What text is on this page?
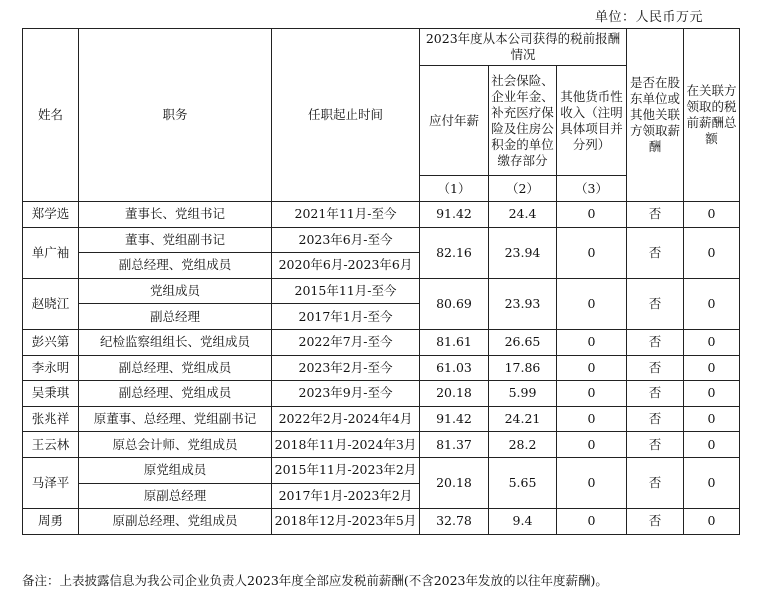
单位：人民币万元
姓名	职务	任职起止时间	2023年度从本公司获得的税前报酬情况			是否在股东单位或其他关联方领取薪酬	在关联方领取的税前薪酬总额
			应付年薪	社会保险、企业年金、补充医疗保险及住房公积金的单位缴存部分	其他货币性收入（注明具体项目并分列）		
			（1）	（2）	（3）		
郑学选	董事长、党组书记	2021年11月-至今	91.42	24.4	0	否	0
单广袖	董事、党组副书记	2023年6月-至今	82.16	23.94	0	否	0
	副总经理、党组成员	2020年6月-2023年6月					
赵晓江	党组成员	2015年11月-至今	80.69	23.93	0	否	0
	副总经理	2017年1月-至今					
彭兴第	纪检监察组组长、党组成员	2022年7月-至今	81.61	26.65	0	否	0
李永明	副总经理、党组成员	2023年2月-至今	61.03	17.86	0	否	0
吴秉琪	副总经理、党组成员	2023年9月-至今	20.18	5.99	0	否	0
张兆祥	原董事、总经理、党组副书记	2022年2月-2024年4月	91.42	24.21	0	否	0
王云林	原总会计师、党组成员	2018年11月-2024年3月	81.37	28.2	0	否	0
马泽平	原党组成员	2015年11月-2023年2月	20.18	5.65	0	否	0
	原副总经理	2017年1月-2023年2月					
周勇	原副总经理、党组成员	2018年12月-2023年5月	32.78	9.4	0	否	0
备注：上表披露信息为我公司企业负责人2023年度全部应发税前薪酬(不含2023年发放的以往年度薪酬)。
